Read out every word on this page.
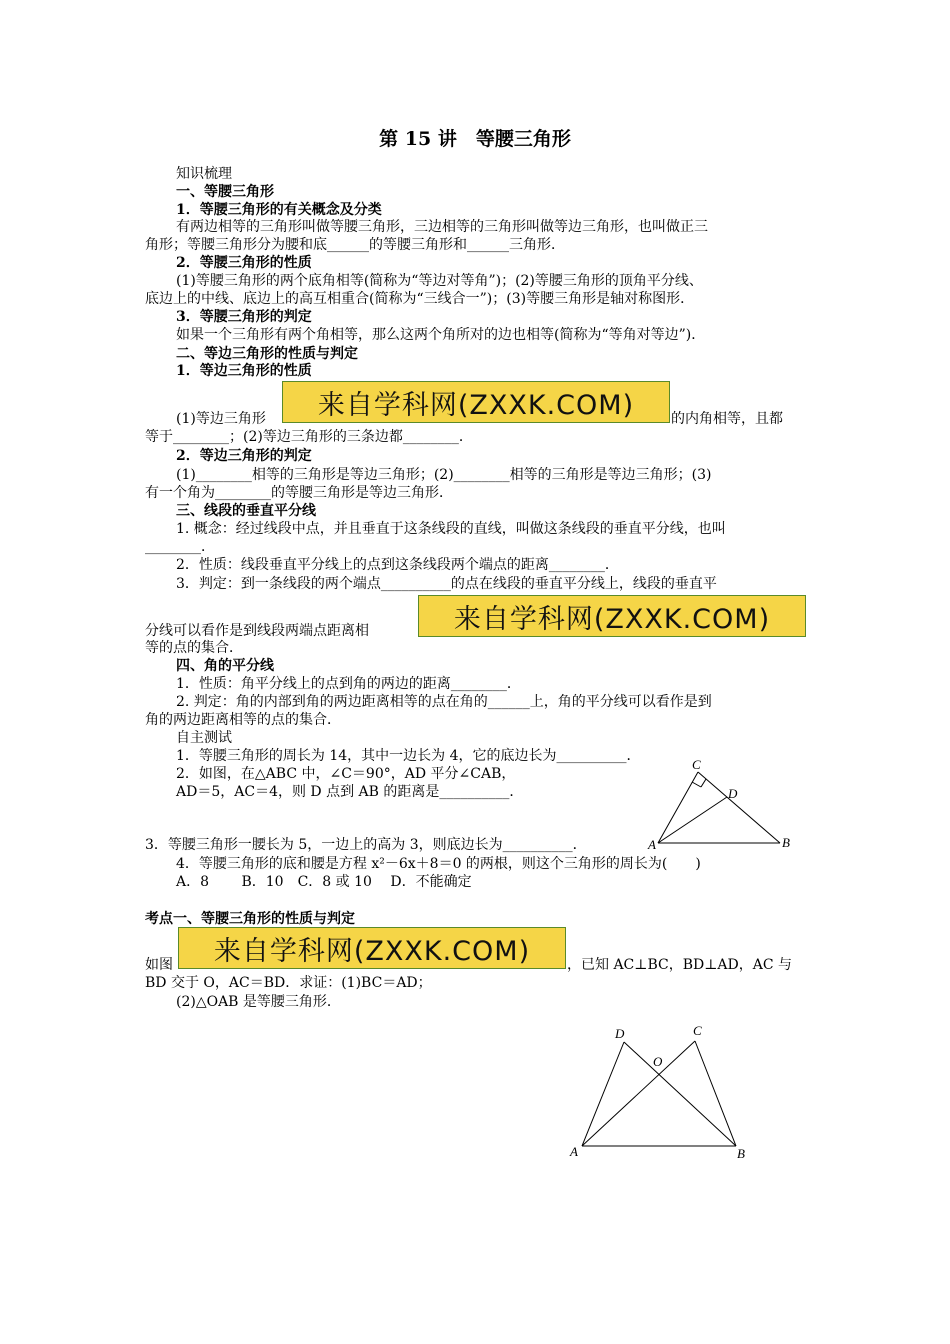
第 15 讲　等腰三角形
知识梳理
一、等腰三角形
1．等腰三角形的有关概念及分类
有两边相等的三角形叫做等腰三角形，三边相等的三角形叫做等边三角形，也叫做正三
角形；等腰三角形分为腰和底______的等腰三角形和______三角形．
2．等腰三角形的性质
(1)等腰三角形的两个底角相等(简称为“等边对等角”)；(2)等腰三角形的顶角平分线、
底边上的中线、底边上的高互相重合(简称为“三线合一”)；(3)等腰三角形是轴对称图形．
3．等腰三角形的判定
如果一个三角形有两个角相等，那么这两个角所对的边也相等(简称为“等角对等边”)．
二、等边三角形的性质与判定
1．等边三角形的性质
来自学科网(ZXXK.COM)
(1)等边三角形	的内角相等，且都
等于________；(2)等边三角形的三条边都________．
2．等边三角形的判定
(1)________相等的三角形是等边三角形；(2)________相等的三角形是等边三角形；(3)
有一个角为________的等腰三角形是等边三角形．
三、线段的垂直平分线
1. 概念：经过线段中点，并且垂直于这条线段的直线，叫做这条线段的垂直平分线，也叫
________．
2．性质：线段垂直平分线上的点到这条线段两个端点的距离________．
3．判定：到一条线段的两个端点__________的点在线段的垂直平分线上，线段的垂直平
来自学科网(ZXXK.COM)
分线可以看作是到线段两端点距离相
等的点的集合．
四、角的平分线
1．性质：角平分线上的点到角的两边的距离________．
2. 判定：角的内部到角的两边距离相等的点在角的______上，角的平分线可以看作是到
角的两边距离相等的点的集合．
自主测试
1．等腰三角形的周长为 14，其中一边长为 4，它的底边长为__________．
2．如图，在△ABC 中，∠C＝90°，AD 平分∠CAB，
AD＝5，AC＝4，则 D 点到 AB 的距离是__________．
C
D
A	B
3．等腰三角形一腰长为 5，一边上的高为 3，则底边长为__________．
4．等腰三角形的底和腰是方程 x²－6x＋8＝0 的两根，则这个三角形的周长为(　　)
A．8　　 B．10　C．8 或 10　 D．不能确定
考点一、等腰三角形的性质与判定
来自学科网(ZXXK.COM)
如图	，已知 AC⊥BC，BD⊥AD，AC 与
BD 交于 O，AC＝BD．求证：(1)BC＝AD；
(2)△OAB 是等腰三角形．
D	C
O
A	B
